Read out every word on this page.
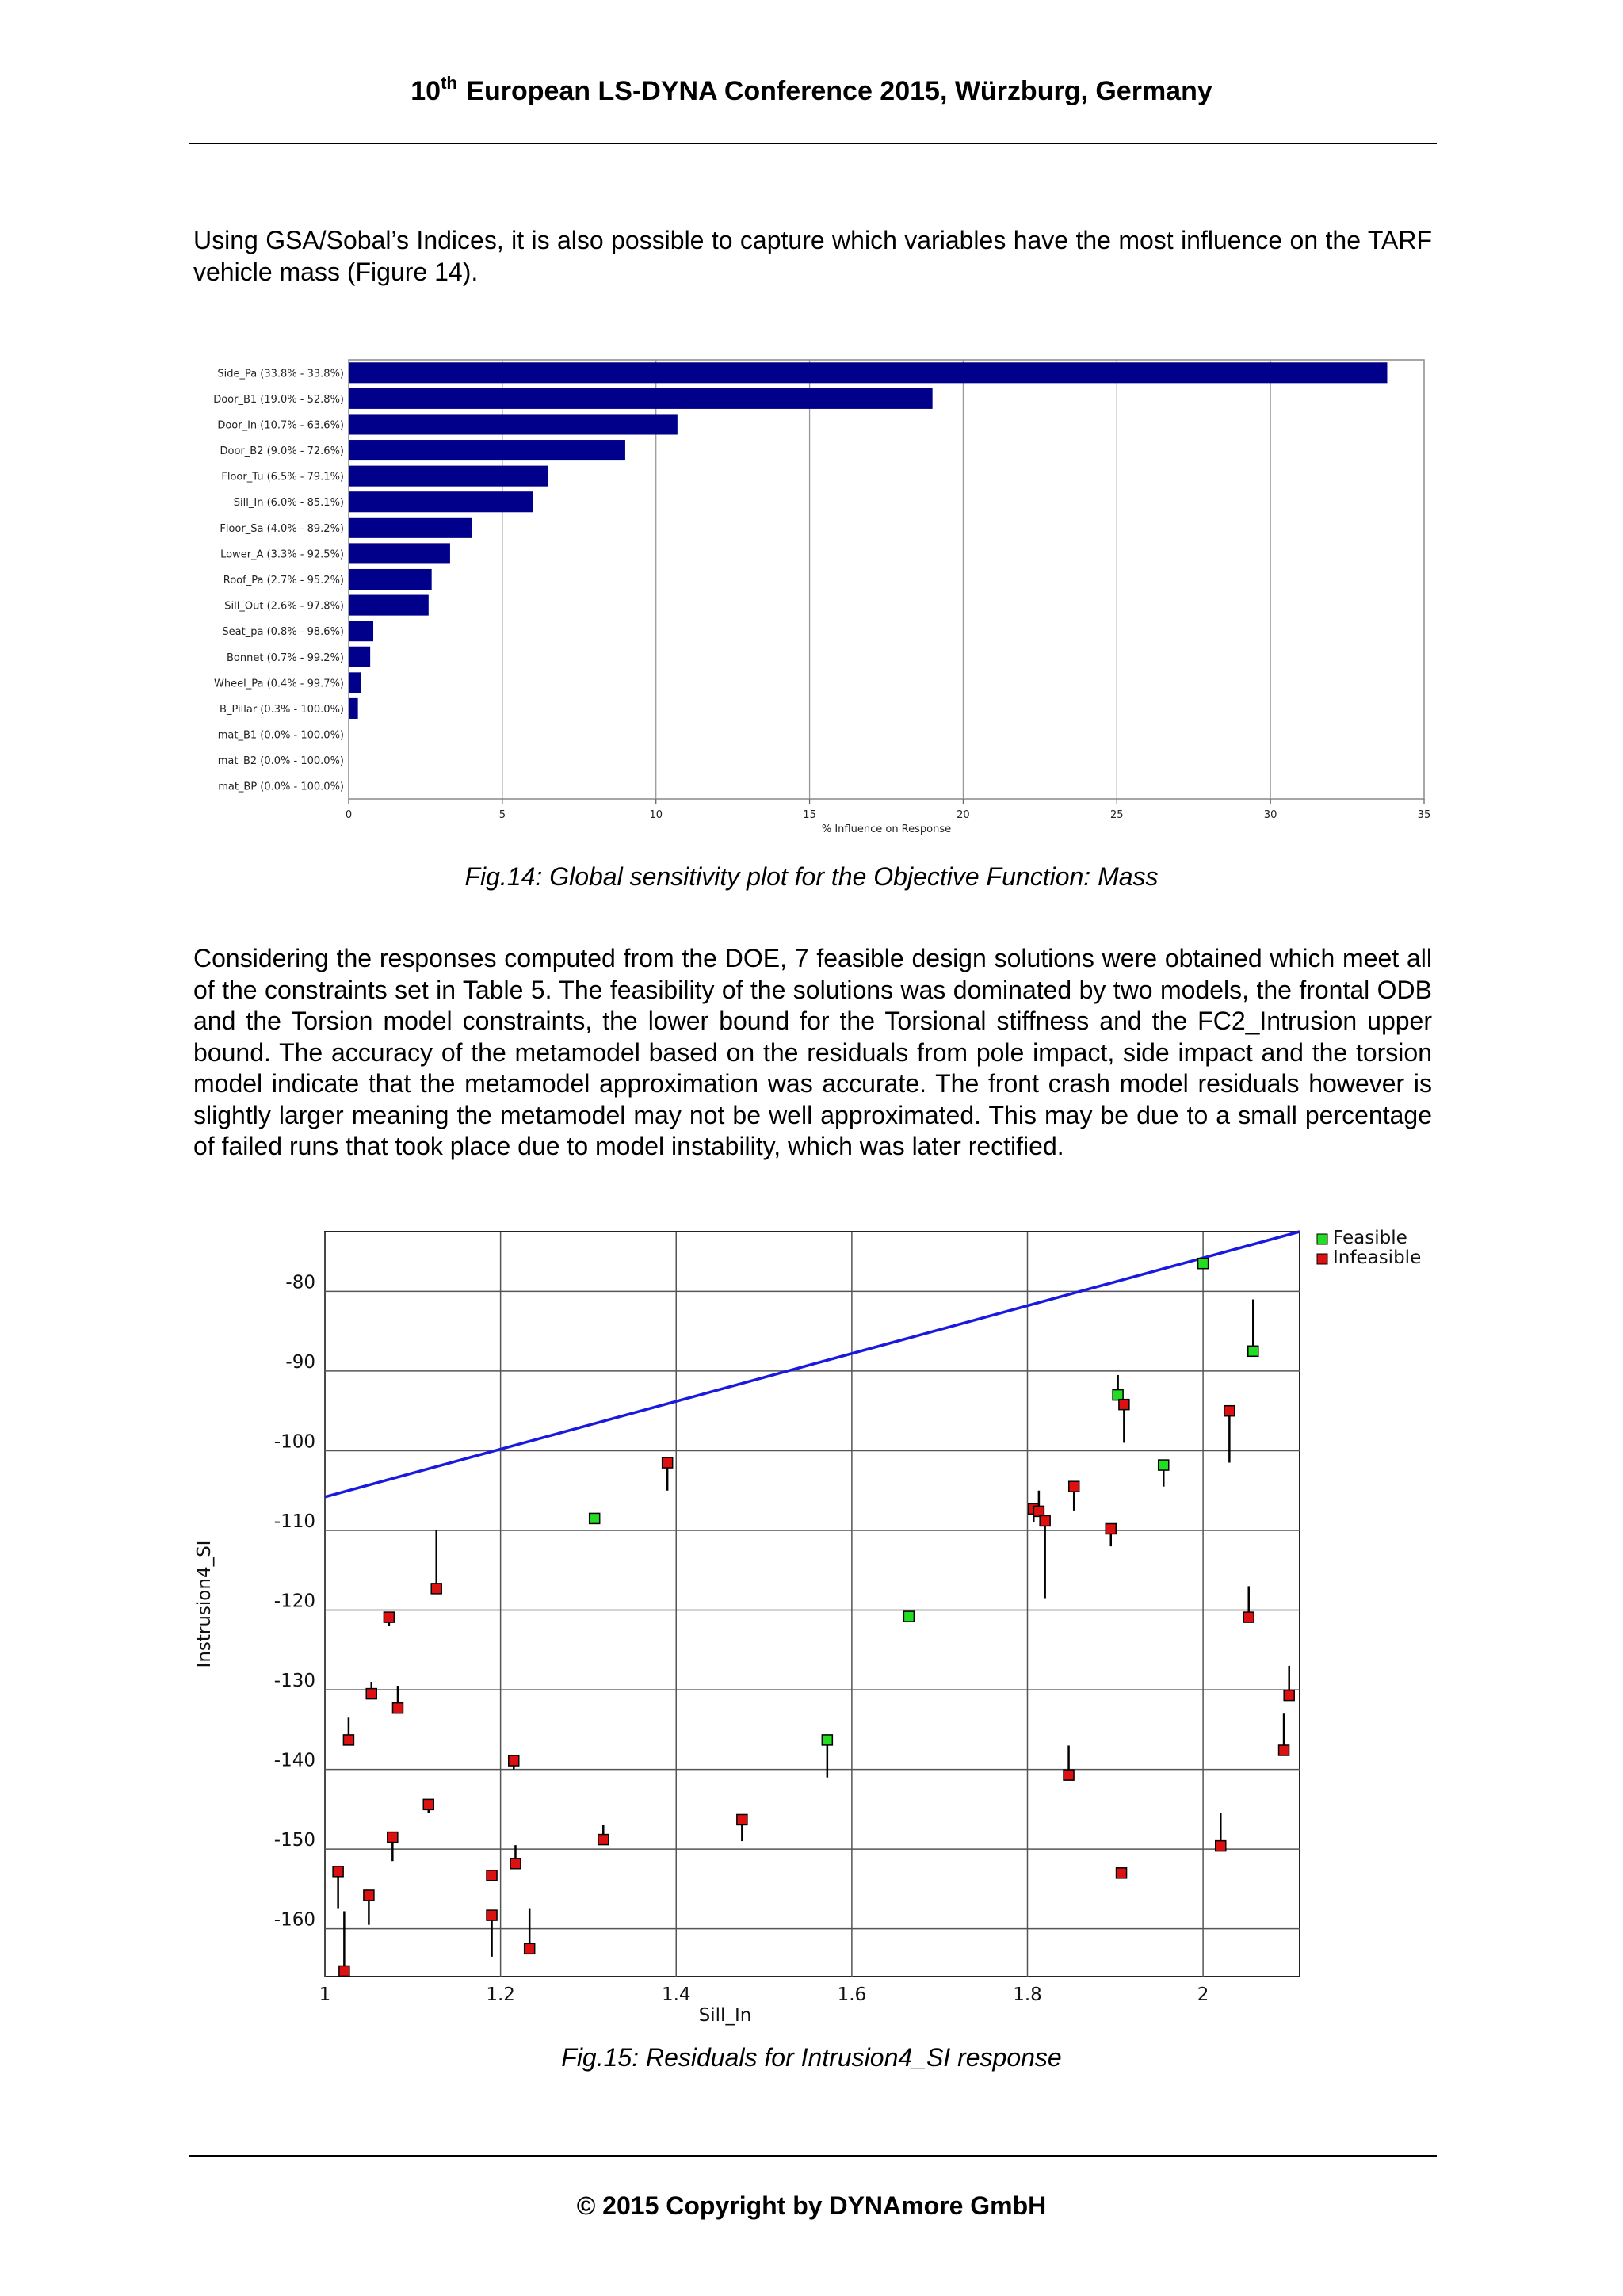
10th European LS-DYNA Conference 2015, Würzburg, Germany
Using GSA/Sobal’s Indices, it is also possible to capture which variables have the most influence on the TARF vehicle mass (Figure 14).
0	5	10	15	20	25	30	35
% Influence on Response
Side_Pa (33.8% - 33.8%)
Door_B1 (19.0% - 52.8%)
Door_In (10.7% - 63.6%)
Door_B2 (9.0% - 72.6%)
Floor_Tu (6.5% - 79.1%)
Sill_In (6.0% - 85.1%)
Floor_Sa (4.0% - 89.2%)
Lower_A (3.3% - 92.5%)
Roof_Pa (2.7% - 95.2%)
Sill_Out (2.6% - 97.8%)
Seat_pa (0.8% - 98.6%)
Bonnet (0.7% - 99.2%)
Wheel_Pa (0.4% - 99.7%)
B_Pillar (0.3% - 100.0%)
mat_B1 (0.0% - 100.0%)
mat_B2 (0.0% - 100.0%)
mat_BP (0.0% - 100.0%)
Fig.14: Global sensitivity plot for the Objective Function: Mass
Considering the responses computed from the DOE, 7 feasible design solutions were obtained which meet all of the constraints set in Table 5. The feasibility of the solutions was dominated by two models, the frontal ODB and the Torsion model constraints, the lower bound for the Torsional stiffness and the FC2_Intrusion upper bound. The accuracy of the metamodel based on the residuals from pole impact, side impact and the torsion model indicate that the metamodel approximation was accurate. The front crash model residuals however is slightly larger meaning the metamodel may not be well approximated. This may be due to a small percentage of failed runs that took place due to model instability, which was later rectified.
1	1.2	1.4	1.6	1.8	2
-80
-90
-100
-110
-120
-130
-140
-150
-160
Sill_In
Instrusion4_SI
Feasible
Infeasible
Fig.15: Residuals for Intrusion4_SI response
© 2015 Copyright by DYNAmore GmbH
